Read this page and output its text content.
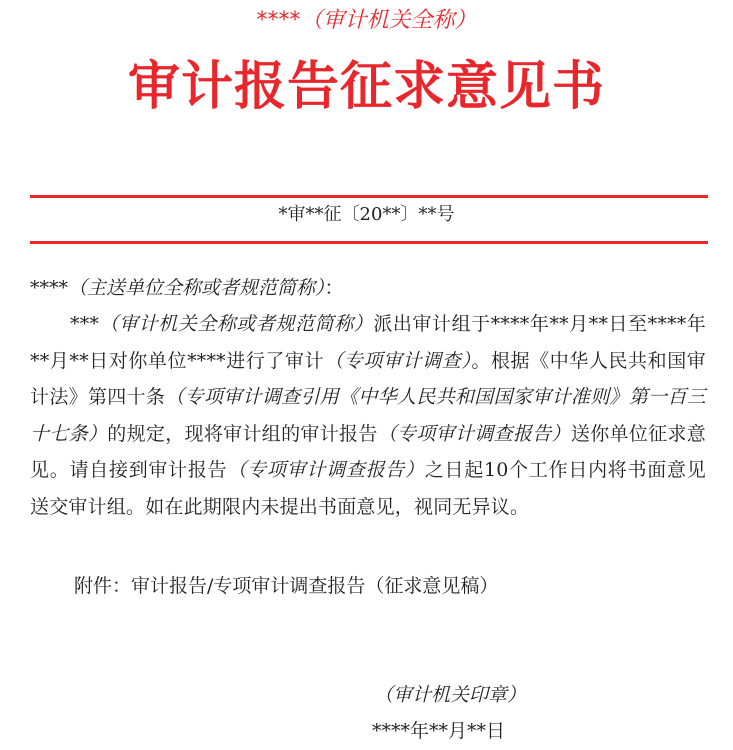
****（审计机关全称）
审计报告征求意见书
*审**征〔20**〕**号
****（主送单位全称或者规范简称）：
***（审计机关全称或者规范简称）派出审计组于****年**月**日至****年**月**日对你单位****进行了审计（专项审计调查）。根据《中华人民共和国审计法》第四十条（专项审计调查引用《中华人民共和国国家审计准则》第一百三十七条）的规定，现将审计组的审计报告（专项审计调查报告）送你单位征求意见。请自接到审计报告（专项审计调查报告）之日起10个工作日内将书面意见送交审计组。如在此期限内未提出书面意见，视同无异议。
附件：审计报告/专项审计调查报告（征求意见稿）
（审计机关印章）
****年**月**日
